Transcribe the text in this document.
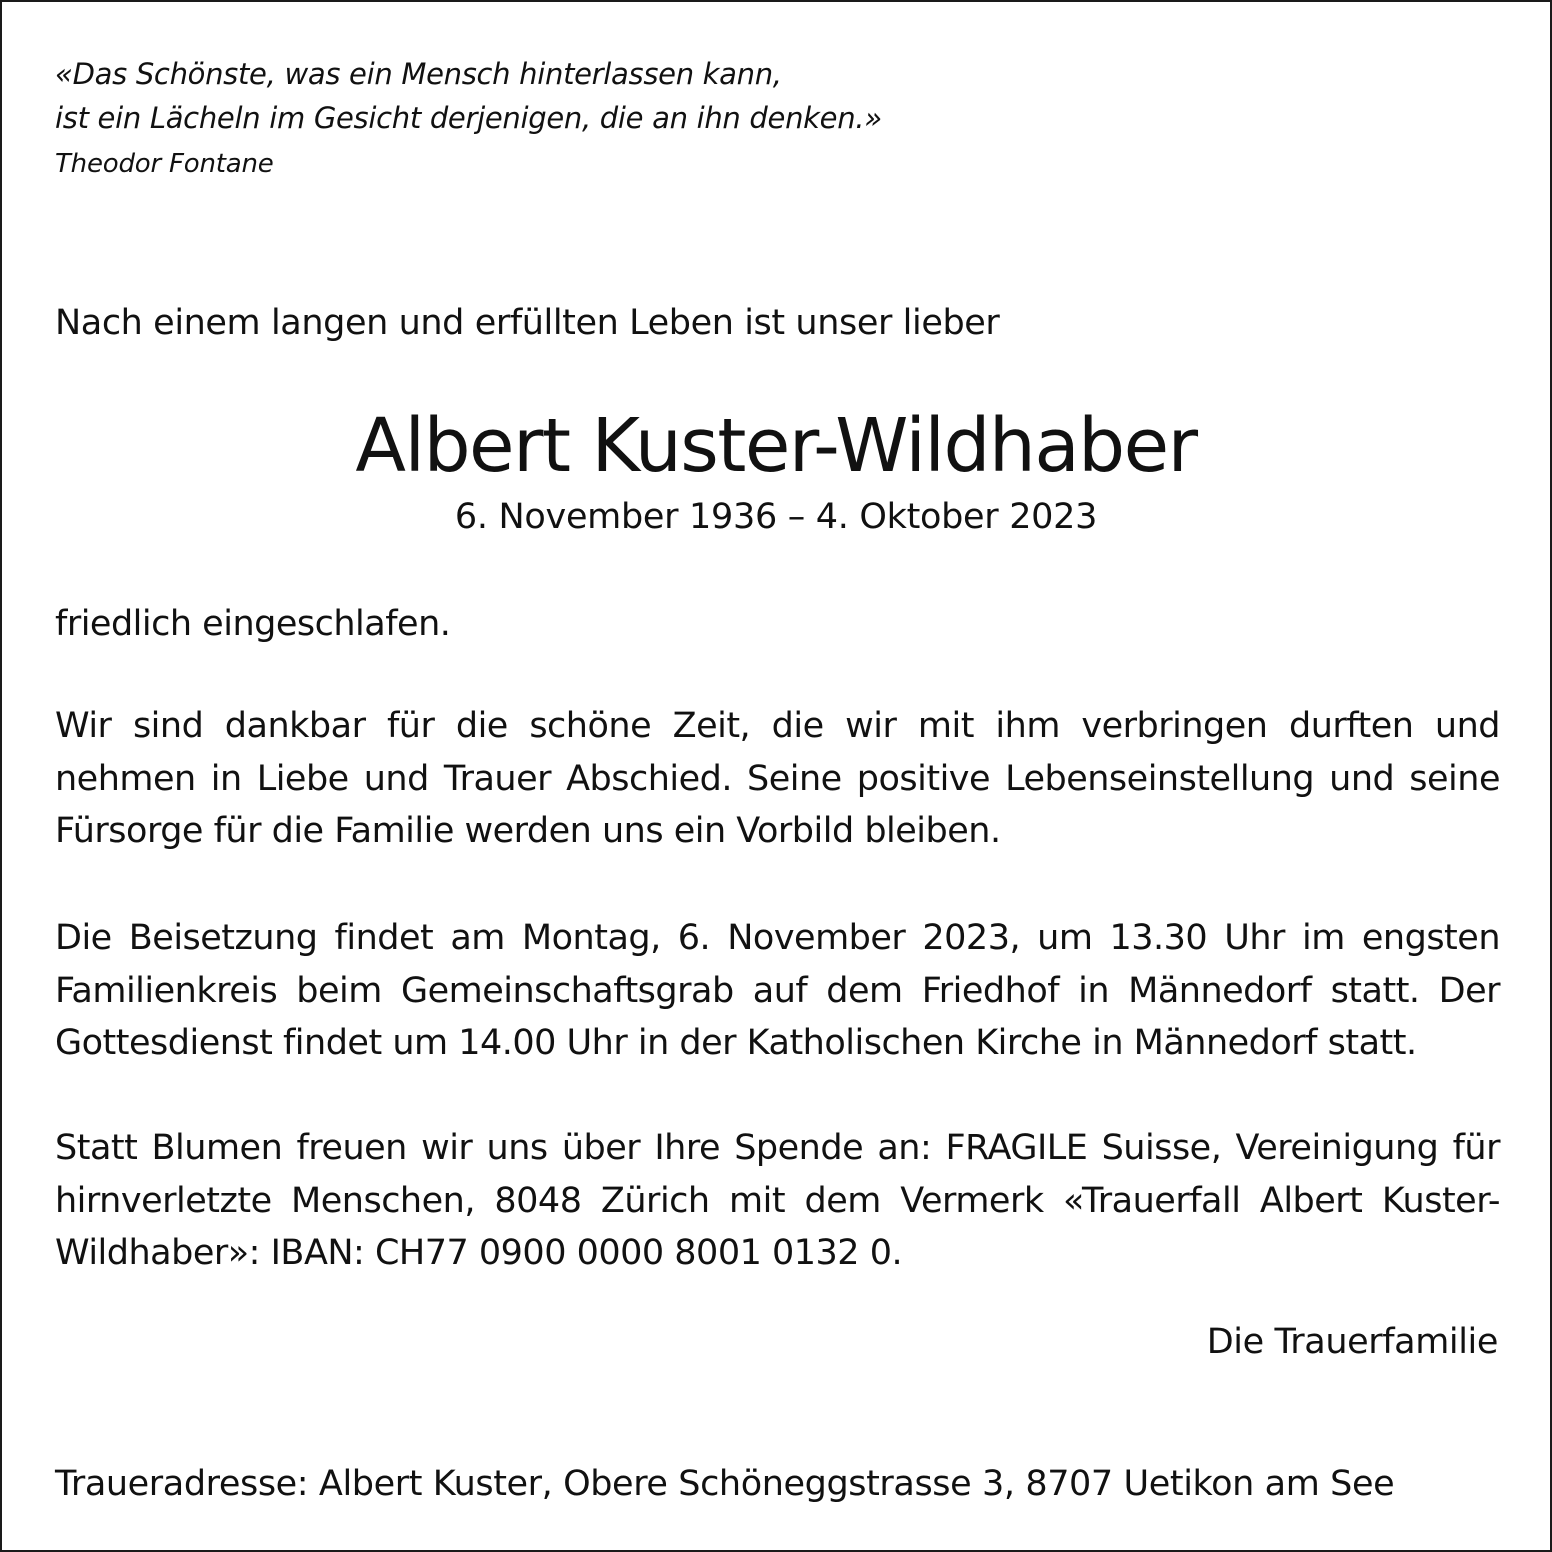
«Das Schönste, was ein Mensch hinterlassen kann,
ist ein Lächeln im Gesicht derjenigen, die an ihn denken.»
Theodor Fontane
Nach einem langen und erfüllten Leben ist unser lieber
Albert Kuster-Wildhaber
6. November 1936 – 4. Oktober 2023
friedlich eingeschlafen.
Wir sind dankbar für die schöne Zeit, die wir mit ihm verbringen durften und nehmen in Liebe und Trauer Abschied. Seine positive Lebenseinstellung und seine Fürsorge für die Familie werden uns ein Vorbild bleiben.
Die Beisetzung findet am Montag, 6. November 2023, um 13.30 Uhr im engsten Familienkreis beim Gemeinschaftsgrab auf dem Friedhof in Männedorf statt. Der Gottesdienst findet um 14.00 Uhr in der Katholischen Kirche in Männedorf statt.
Statt Blumen freuen wir uns über Ihre Spende an: FRAGILE Suisse, Vereinigung für hirnverletzte Menschen, 8048 Zürich mit dem Vermerk «Trauerfall Albert Kuster-Wildhaber»: IBAN: CH77 0900 0000 8001 0132 0.
Die Trauerfamilie
Traueradresse: Albert Kuster, Obere Schöneggstrasse 3, 8707 Uetikon am See
